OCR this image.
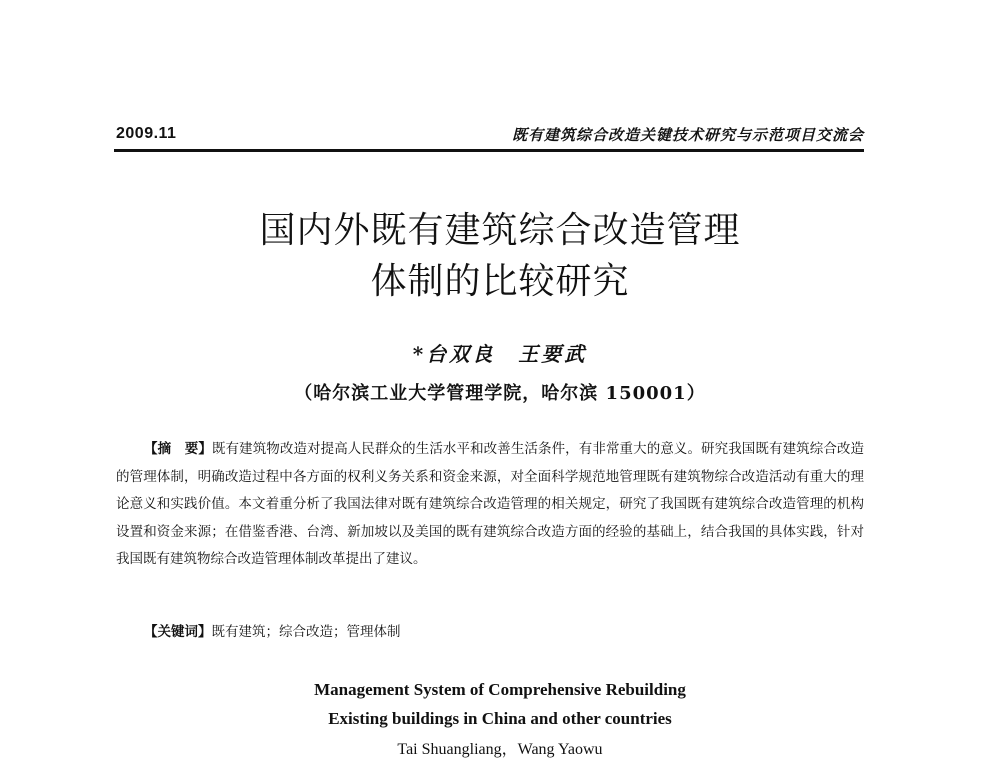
2009.11	既有建筑综合改造关键技术研究与示范项目交流会
国内外既有建筑综合改造管理
体制的比较研究
*台双良　王要武
（哈尔滨工业大学管理学院，哈尔滨 150001）

【摘　要】既有建筑物改造对提高人民群众的生活水平和改善生活条件，有非常重大的意义。研究我国既有建筑综合改造的管理体制，明确改造过程中各方面的权利义务关系和资金来源，对全面科学规范地管理既有建筑物综合改造活动有重大的理论意义和实践价值。本文着重分析了我国法律对既有建筑综合改造管理的相关规定，研究了我国既有建筑综合改造管理的机构设置和资金来源；在借鉴香港、台湾、新加坡以及美国的既有建筑综合改造方面的经验的基础上，结合我国的具体实践，针对我国既有建筑物综合改造管理体制改革提出了建议。

【关键词】既有建筑；综合改造；管理体制
Management System of Comprehensive Rebuilding
Existing buildings in China and other countries
Tai Shuangliang，Wang Yaowu
